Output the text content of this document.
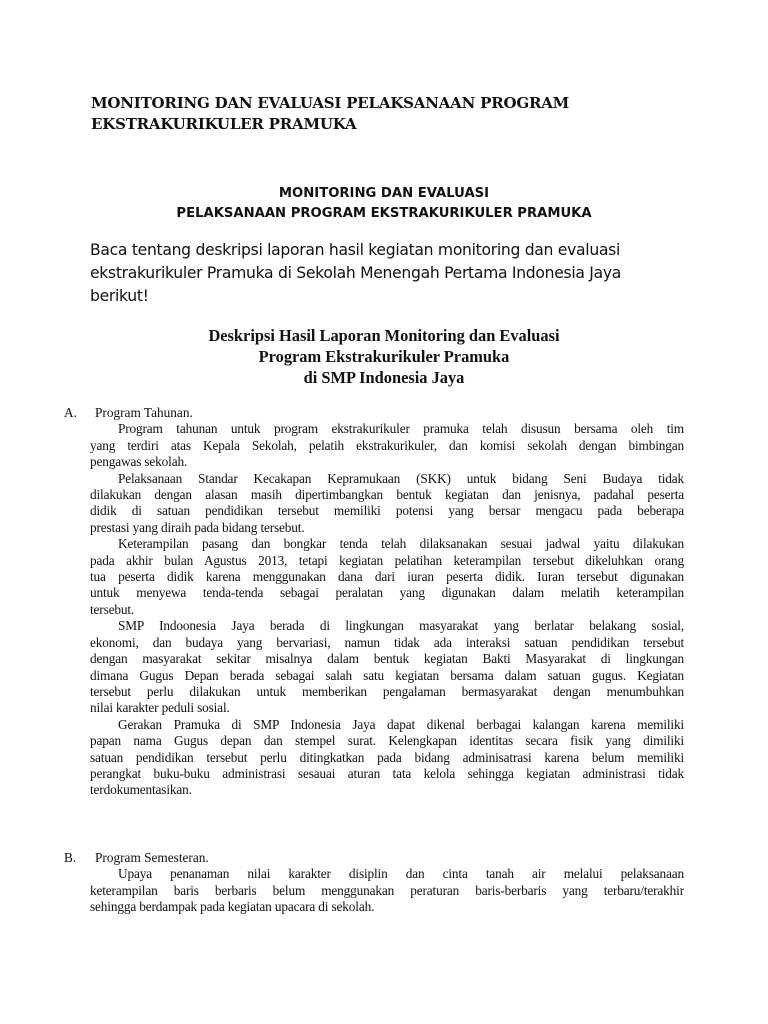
MONITORING DAN EVALUASI PELAKSANAAN PROGRAM
EKSTRAKURIKULER PRAMUKA
MONITORING DAN EVALUASI
PELAKSANAAN PROGRAM EKSTRAKURIKULER PRAMUKA

Baca tentang deskripsi laporan hasil kegiatan monitoring dan evaluasi
ekstrakurikuler Pramuka di Sekolah Menengah Pertama Indonesia Jaya
berikut!

Deskripsi Hasil Laporan Monitoring dan Evaluasi
Program Ekstrakurikuler Pramuka
di SMP Indonesia Jaya
A.	Program Tahunan.

Program tahunan untuk program ekstrakurikuler pramuka telah disusun bersama oleh tim
yang terdiri atas Kepala Sekolah, pelatih ekstrakurikuler, dan komisi sekolah dengan bimbingan
pengawas sekolah.

Pelaksanaan Standar Kecakapan Kepramukaan (SKK) untuk bidang Seni Budaya tidak
dilakukan dengan alasan masih dipertimbangkan bentuk kegiatan dan jenisnya, padahal peserta
didik di satuan pendidikan tersebut memiliki potensi yang bersar mengacu pada beberapa
prestasi yang diraih pada bidang tersebut.

Keterampilan pasang dan bongkar tenda telah dilaksanakan sesuai jadwal yaitu dilakukan
pada akhir bulan Agustus 2013, tetapi kegiatan pelatihan keterampilan tersebut dikeluhkan orang
tua peserta didik karena menggunakan dana dari iuran peserta didik. Iuran tersebut digunakan
untuk menyewa tenda-tenda sebagai peralatan yang digunakan dalam melatih keterampilan
tersebut.

SMP Indoonesia Jaya berada di lingkungan masyarakat yang berlatar belakang sosial,
ekonomi, dan budaya yang bervariasi, namun tidak ada interaksi satuan pendidikan tersebut
dengan masyarakat sekitar misalnya dalam bentuk kegiatan Bakti Masyarakat di lingkungan
dimana Gugus Depan berada sebagai salah satu kegiatan bersama dalam satuan gugus. Kegiatan
tersebut perlu dilakukan untuk memberikan pengalaman bermasyarakat dengan menumbuhkan
nilai karakter peduli sosial.

Gerakan Pramuka di SMP Indonesia Jaya dapat dikenal berbagai kalangan karena memiliki
papan nama Gugus depan dan stempel surat. Kelengkapan identitas secara fisik yang dimiliki
satuan pendidikan tersebut perlu ditingkatkan pada bidang adminisatrasi karena belum memiliki
perangkat buku-buku administrasi sesauai aturan tata kelola sehingga kegiatan administrasi tidak
terdokumentasikan.

B.	Program Semesteran.

Upaya penanaman nilai karakter disiplin dan cinta tanah air melalui pelaksanaan
keterampilan baris berbaris belum menggunakan peraturan baris-berbaris yang terbaru/terakhir
sehingga berdampak pada kegiatan upacara di sekolah.
